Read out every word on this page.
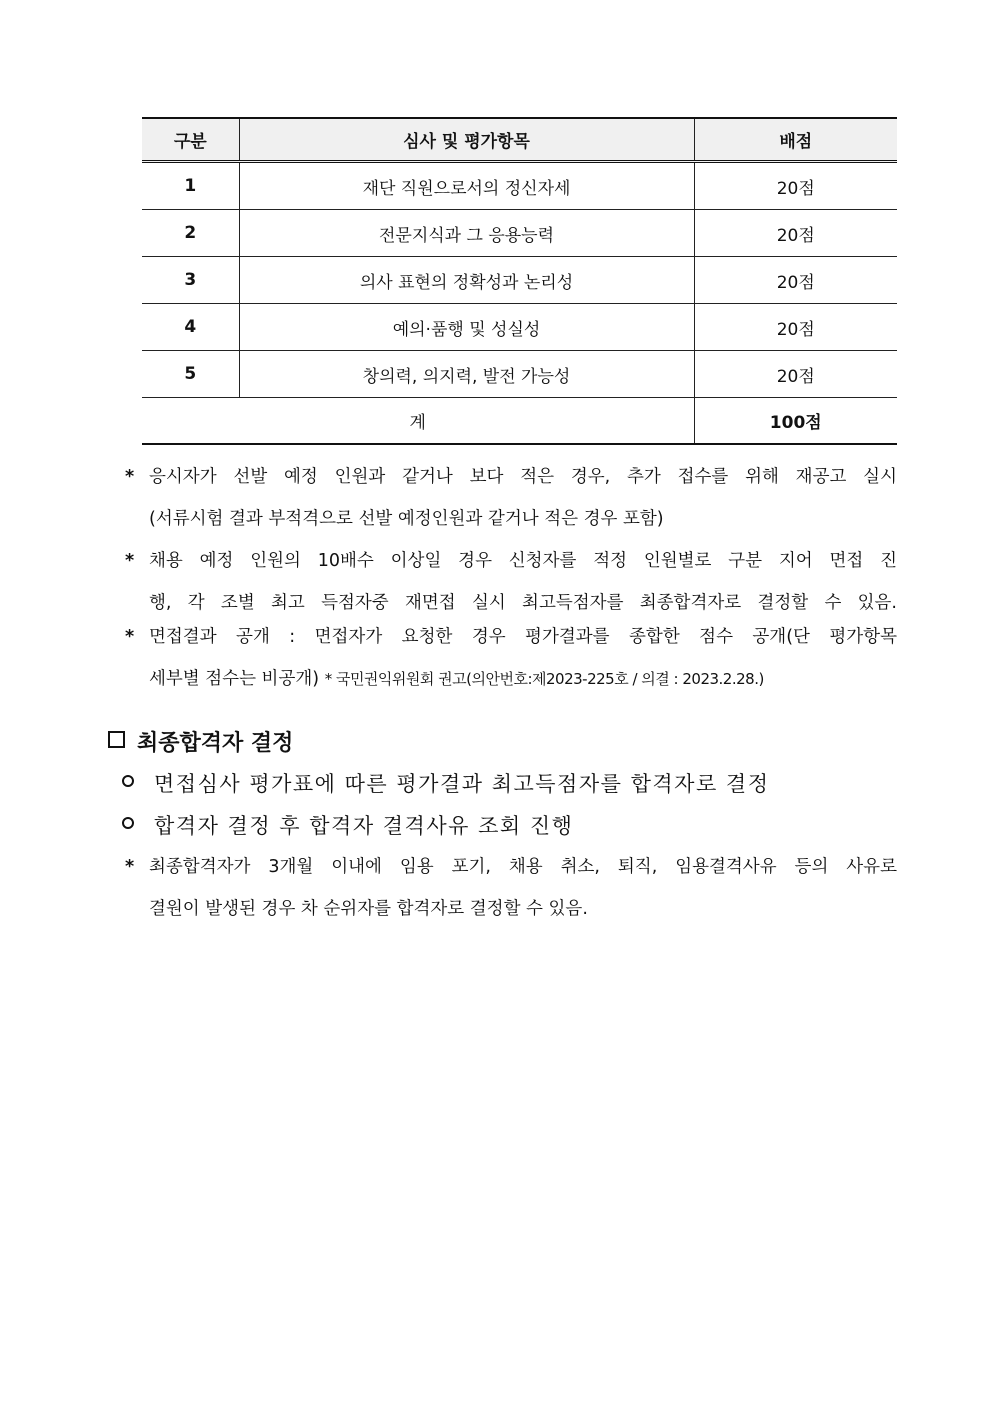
구분	심사 및 평가항목	배점
1	재단 직원으로서의 정신자세	20점
2	전문지식과 그 응용능력	20점
3	의사 표현의 정확성과 논리성	20점
4	예의·품행 및 성실성	20점
5	창의력, 의지력, 발전 가능성	20점
계		100점
* 응시자가 선발 예정 인원과 같거나 보다 적은 경우, 추가 접수를 위해 재공고 실시
(서류시험 결과 부적격으로 선발 예정인원과 같거나 적은 경우 포함)
* 채용 예정 인원의 10배수 이상일 경우 신청자를 적정 인원별로 구분 지어 면접 진
행, 각 조별 최고 득점자중 재면접 실시 최고득점자를 최종합격자로 결정할 수 있음.
* 면접결과 공개 : 면접자가 요청한 경우 평가결과를 종합한 점수 공개(단 평가항목
세부별 점수는 비공개) * 국민권익위원회 권고(의안번호:제2023-225호 / 의결 : 2023.2.28.)
최종합격자 결정
면접심사 평가표에 따른 평가결과 최고득점자를 합격자로 결정
합격자 결정 후 합격자 결격사유 조회 진행
* 최종합격자가 3개월 이내에 임용 포기, 채용 취소, 퇴직, 임용결격사유 등의 사유로
결원이 발생된 경우 차 순위자를 합격자로 결정할 수 있음.
